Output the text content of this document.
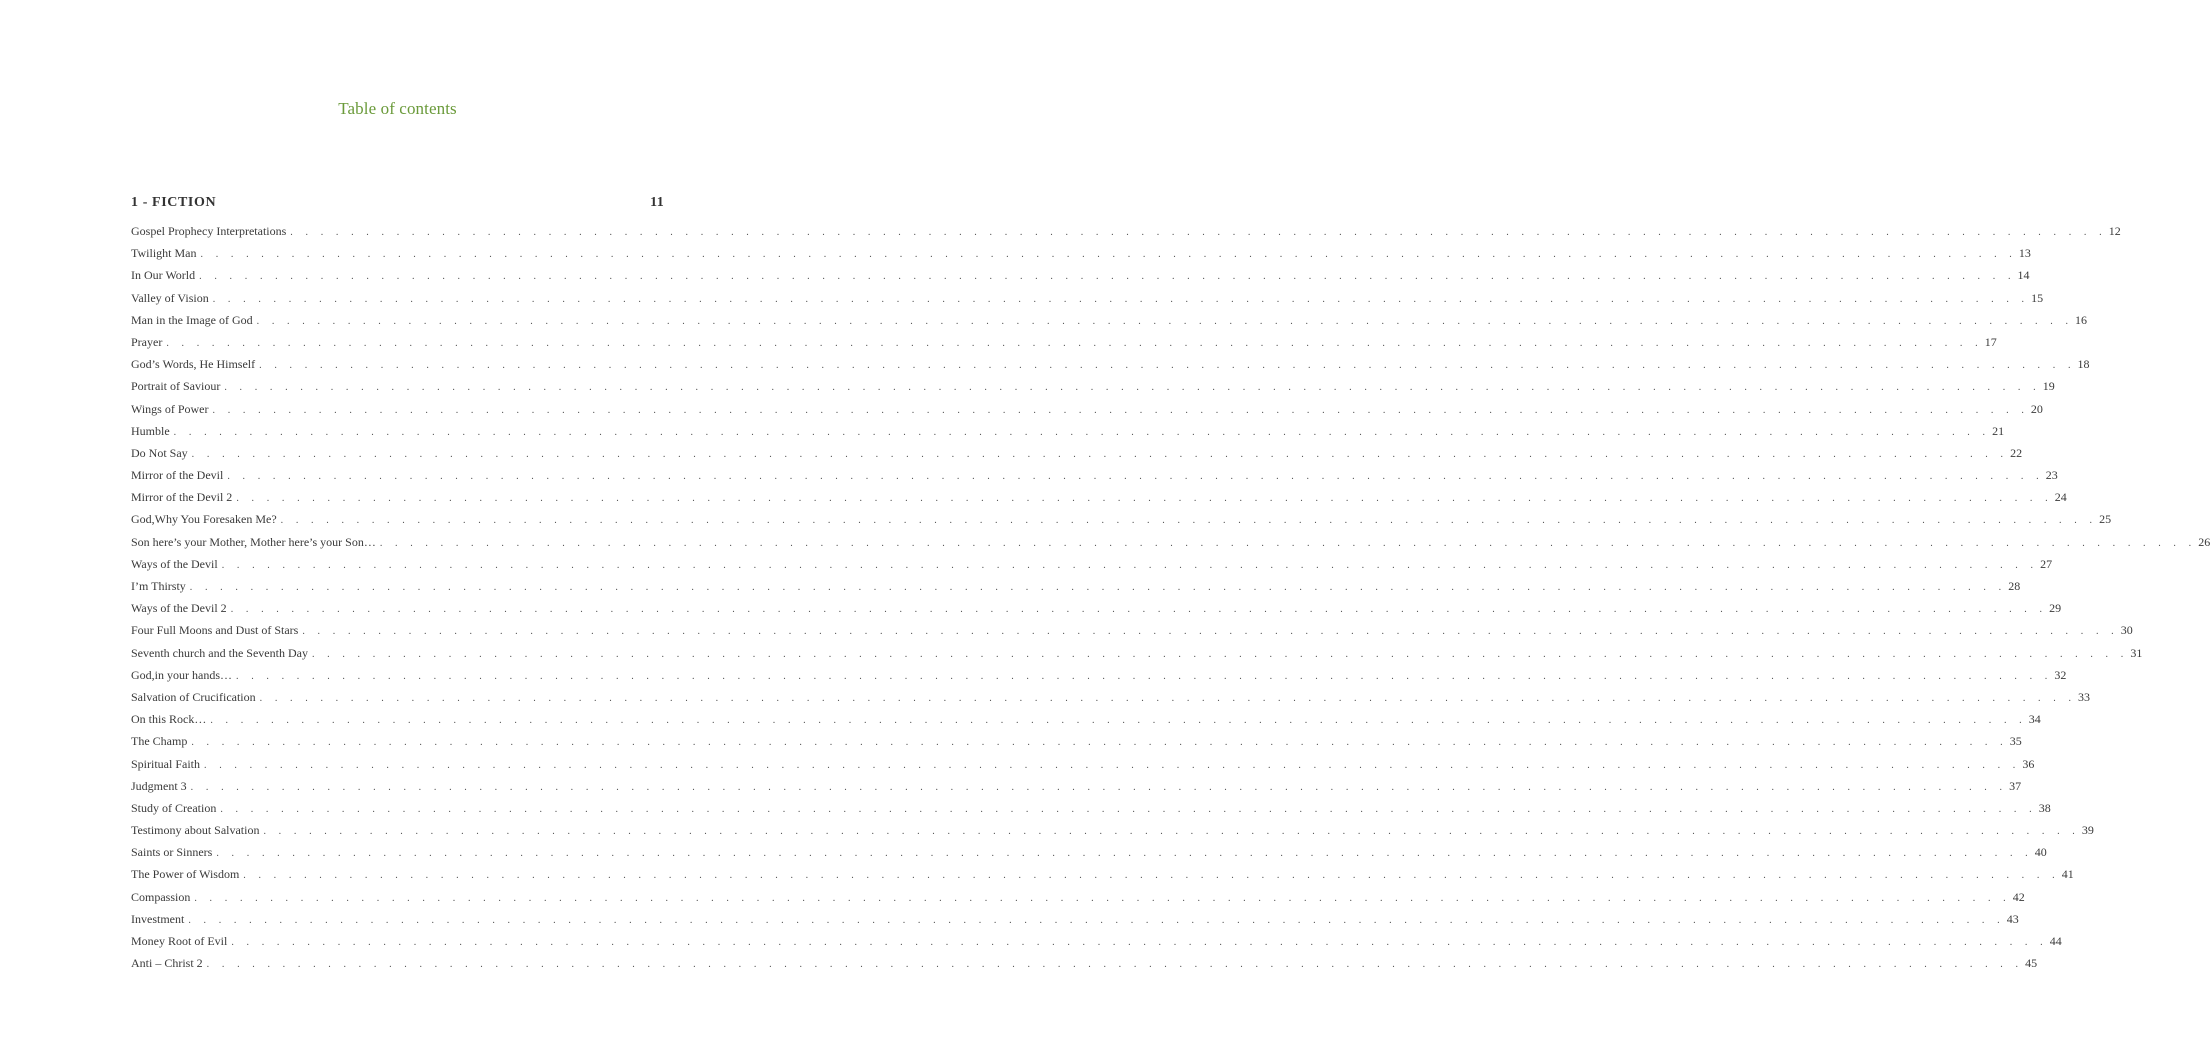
Table of contents
1 - FICTION	11
Gospel Prophecy Interpretations . . . . . . . . . . . . . . . . . . . . . . . . . . . . . . . . . . . . . . . . . . . . . . . . . . . . . . . . . . . . . . . . . . . . . . . . . . . . . . . . . . . . . . . . . . . . . . . . . . . . . . . . . . . . . . . . . . . . . . . . 12
Twilight Man . . . . . . . . . . . . . . . . . . . . . . . . . . . . . . . . . . . . . . . . . . . . . . . . . . . . . . . . . . . . . . . . . . . . . . . . . . . . . . . . . . . . . . . . . . . . . . . . . . . . . . . . . . . . . . . . . . . . . . . . 13
In Our World . . . . . . . . . . . . . . . . . . . . . . . . . . . . . . . . . . . . . . . . . . . . . . . . . . . . . . . . . . . . . . . . . . . . . . . . . . . . . . . . . . . . . . . . . . . . . . . . . . . . . . . . . . . . . . . . . . . . . . . . 14
Valley of Vision . . . . . . . . . . . . . . . . . . . . . . . . . . . . . . . . . . . . . . . . . . . . . . . . . . . . . . . . . . . . . . . . . . . . . . . . . . . . . . . . . . . . . . . . . . . . . . . . . . . . . . . . . . . . . . . . . . . . . . . . 15
Man in the Image of God . . . . . . . . . . . . . . . . . . . . . . . . . . . . . . . . . . . . . . . . . . . . . . . . . . . . . . . . . . . . . . . . . . . . . . . . . . . . . . . . . . . . . . . . . . . . . . . . . . . . . . . . . . . . . . . . . . . . . . . . 16
Prayer . . . . . . . . . . . . . . . . . . . . . . . . . . . . . . . . . . . . . . . . . . . . . . . . . . . . . . . . . . . . . . . . . . . . . . . . . . . . . . . . . . . . . . . . . . . . . . . . . . . . . . . . . . . . . . . . . . . . . . . . 17
God’s Words, He Himself . . . . . . . . . . . . . . . . . . . . . . . . . . . . . . . . . . . . . . . . . . . . . . . . . . . . . . . . . . . . . . . . . . . . . . . . . . . . . . . . . . . . . . . . . . . . . . . . . . . . . . . . . . . . . . . . . . . . . . . . 18
Portrait of Saviour . . . . . . . . . . . . . . . . . . . . . . . . . . . . . . . . . . . . . . . . . . . . . . . . . . . . . . . . . . . . . . . . . . . . . . . . . . . . . . . . . . . . . . . . . . . . . . . . . . . . . . . . . . . . . . . . . . . . . . . . 19
Wings of Power . . . . . . . . . . . . . . . . . . . . . . . . . . . . . . . . . . . . . . . . . . . . . . . . . . . . . . . . . . . . . . . . . . . . . . . . . . . . . . . . . . . . . . . . . . . . . . . . . . . . . . . . . . . . . . . . . . . . . . . . 20
Humble . . . . . . . . . . . . . . . . . . . . . . . . . . . . . . . . . . . . . . . . . . . . . . . . . . . . . . . . . . . . . . . . . . . . . . . . . . . . . . . . . . . . . . . . . . . . . . . . . . . . . . . . . . . . . . . . . . . . . . . . 21
Do Not Say . . . . . . . . . . . . . . . . . . . . . . . . . . . . . . . . . . . . . . . . . . . . . . . . . . . . . . . . . . . . . . . . . . . . . . . . . . . . . . . . . . . . . . . . . . . . . . . . . . . . . . . . . . . . . . . . . . . . . . . . 22
Mirror of the Devil . . . . . . . . . . . . . . . . . . . . . . . . . . . . . . . . . . . . . . . . . . . . . . . . . . . . . . . . . . . . . . . . . . . . . . . . . . . . . . . . . . . . . . . . . . . . . . . . . . . . . . . . . . . . . . . . . . . . . . . . 23
Mirror of the Devil 2 . . . . . . . . . . . . . . . . . . . . . . . . . . . . . . . . . . . . . . . . . . . . . . . . . . . . . . . . . . . . . . . . . . . . . . . . . . . . . . . . . . . . . . . . . . . . . . . . . . . . . . . . . . . . . . . . . . . . . . . . 24
God,Why You Foresaken Me? . . . . . . . . . . . . . . . . . . . . . . . . . . . . . . . . . . . . . . . . . . . . . . . . . . . . . . . . . . . . . . . . . . . . . . . . . . . . . . . . . . . . . . . . . . . . . . . . . . . . . . . . . . . . . . . . . . . . . . . . 25
Son here’s your Mother, Mother here’s your Son… . . . . . . . . . . . . . . . . . . . . . . . . . . . . . . . . . . . . . . . . . . . . . . . . . . . . . . . . . . . . . . . . . . . . . . . . . . . . . . . . . . . . . . . . . . . . . . . . . . . . . . . . . . . . . . . . . . . . . . . . 26
Ways of the Devil . . . . . . . . . . . . . . . . . . . . . . . . . . . . . . . . . . . . . . . . . . . . . . . . . . . . . . . . . . . . . . . . . . . . . . . . . . . . . . . . . . . . . . . . . . . . . . . . . . . . . . . . . . . . . . . . . . . . . . . . 27
I’m Thirsty . . . . . . . . . . . . . . . . . . . . . . . . . . . . . . . . . . . . . . . . . . . . . . . . . . . . . . . . . . . . . . . . . . . . . . . . . . . . . . . . . . . . . . . . . . . . . . . . . . . . . . . . . . . . . . . . . . . . . . . . 28
Ways of the Devil 2 . . . . . . . . . . . . . . . . . . . . . . . . . . . . . . . . . . . . . . . . . . . . . . . . . . . . . . . . . . . . . . . . . . . . . . . . . . . . . . . . . . . . . . . . . . . . . . . . . . . . . . . . . . . . . . . . . . . . . . . . 29
Four Full Moons and Dust of Stars . . . . . . . . . . . . . . . . . . . . . . . . . . . . . . . . . . . . . . . . . . . . . . . . . . . . . . . . . . . . . . . . . . . . . . . . . . . . . . . . . . . . . . . . . . . . . . . . . . . . . . . . . . . . . . . . . . . . . . . . 30
Seventh church and the Seventh Day . . . . . . . . . . . . . . . . . . . . . . . . . . . . . . . . . . . . . . . . . . . . . . . . . . . . . . . . . . . . . . . . . . . . . . . . . . . . . . . . . . . . . . . . . . . . . . . . . . . . . . . . . . . . . . . . . . . . . . . . 31
God,in your hands… . . . . . . . . . . . . . . . . . . . . . . . . . . . . . . . . . . . . . . . . . . . . . . . . . . . . . . . . . . . . . . . . . . . . . . . . . . . . . . . . . . . . . . . . . . . . . . . . . . . . . . . . . . . . . . . . . . . . . . . . 32
Salvation of Crucification . . . . . . . . . . . . . . . . . . . . . . . . . . . . . . . . . . . . . . . . . . . . . . . . . . . . . . . . . . . . . . . . . . . . . . . . . . . . . . . . . . . . . . . . . . . . . . . . . . . . . . . . . . . . . . . . . . . . . . . . 33
On this Rock… . . . . . . . . . . . . . . . . . . . . . . . . . . . . . . . . . . . . . . . . . . . . . . . . . . . . . . . . . . . . . . . . . . . . . . . . . . . . . . . . . . . . . . . . . . . . . . . . . . . . . . . . . . . . . . . . . . . . . . . . 34
The Champ . . . . . . . . . . . . . . . . . . . . . . . . . . . . . . . . . . . . . . . . . . . . . . . . . . . . . . . . . . . . . . . . . . . . . . . . . . . . . . . . . . . . . . . . . . . . . . . . . . . . . . . . . . . . . . . . . . . . . . . . 35
Spiritual Faith . . . . . . . . . . . . . . . . . . . . . . . . . . . . . . . . . . . . . . . . . . . . . . . . . . . . . . . . . . . . . . . . . . . . . . . . . . . . . . . . . . . . . . . . . . . . . . . . . . . . . . . . . . . . . . . . . . . . . . . . 36
Judgment 3 . . . . . . . . . . . . . . . . . . . . . . . . . . . . . . . . . . . . . . . . . . . . . . . . . . . . . . . . . . . . . . . . . . . . . . . . . . . . . . . . . . . . . . . . . . . . . . . . . . . . . . . . . . . . . . . . . . . . . . . . 37
Study of Creation . . . . . . . . . . . . . . . . . . . . . . . . . . . . . . . . . . . . . . . . . . . . . . . . . . . . . . . . . . . . . . . . . . . . . . . . . . . . . . . . . . . . . . . . . . . . . . . . . . . . . . . . . . . . . . . . . . . . . . . . 38
Testimony about Salvation . . . . . . . . . . . . . . . . . . . . . . . . . . . . . . . . . . . . . . . . . . . . . . . . . . . . . . . . . . . . . . . . . . . . . . . . . . . . . . . . . . . . . . . . . . . . . . . . . . . . . . . . . . . . . . . . . . . . . . . . 39
Saints or Sinners . . . . . . . . . . . . . . . . . . . . . . . . . . . . . . . . . . . . . . . . . . . . . . . . . . . . . . . . . . . . . . . . . . . . . . . . . . . . . . . . . . . . . . . . . . . . . . . . . . . . . . . . . . . . . . . . . . . . . . . . 40
The Power of Wisdom . . . . . . . . . . . . . . . . . . . . . . . . . . . . . . . . . . . . . . . . . . . . . . . . . . . . . . . . . . . . . . . . . . . . . . . . . . . . . . . . . . . . . . . . . . . . . . . . . . . . . . . . . . . . . . . . . . . . . . . . 41
Compassion . . . . . . . . . . . . . . . . . . . . . . . . . . . . . . . . . . . . . . . . . . . . . . . . . . . . . . . . . . . . . . . . . . . . . . . . . . . . . . . . . . . . . . . . . . . . . . . . . . . . . . . . . . . . . . . . . . . . . . . . 42
Investment . . . . . . . . . . . . . . . . . . . . . . . . . . . . . . . . . . . . . . . . . . . . . . . . . . . . . . . . . . . . . . . . . . . . . . . . . . . . . . . . . . . . . . . . . . . . . . . . . . . . . . . . . . . . . . . . . . . . . . . . 43
Money Root of Evil . . . . . . . . . . . . . . . . . . . . . . . . . . . . . . . . . . . . . . . . . . . . . . . . . . . . . . . . . . . . . . . . . . . . . . . . . . . . . . . . . . . . . . . . . . . . . . . . . . . . . . . . . . . . . . . . . . . . . . . . 44
Anti – Christ 2 . . . . . . . . . . . . . . . . . . . . . . . . . . . . . . . . . . . . . . . . . . . . . . . . . . . . . . . . . . . . . . . . . . . . . . . . . . . . . . . . . . . . . . . . . . . . . . . . . . . . . . . . . . . . . . . . . . . . . . . . 45
